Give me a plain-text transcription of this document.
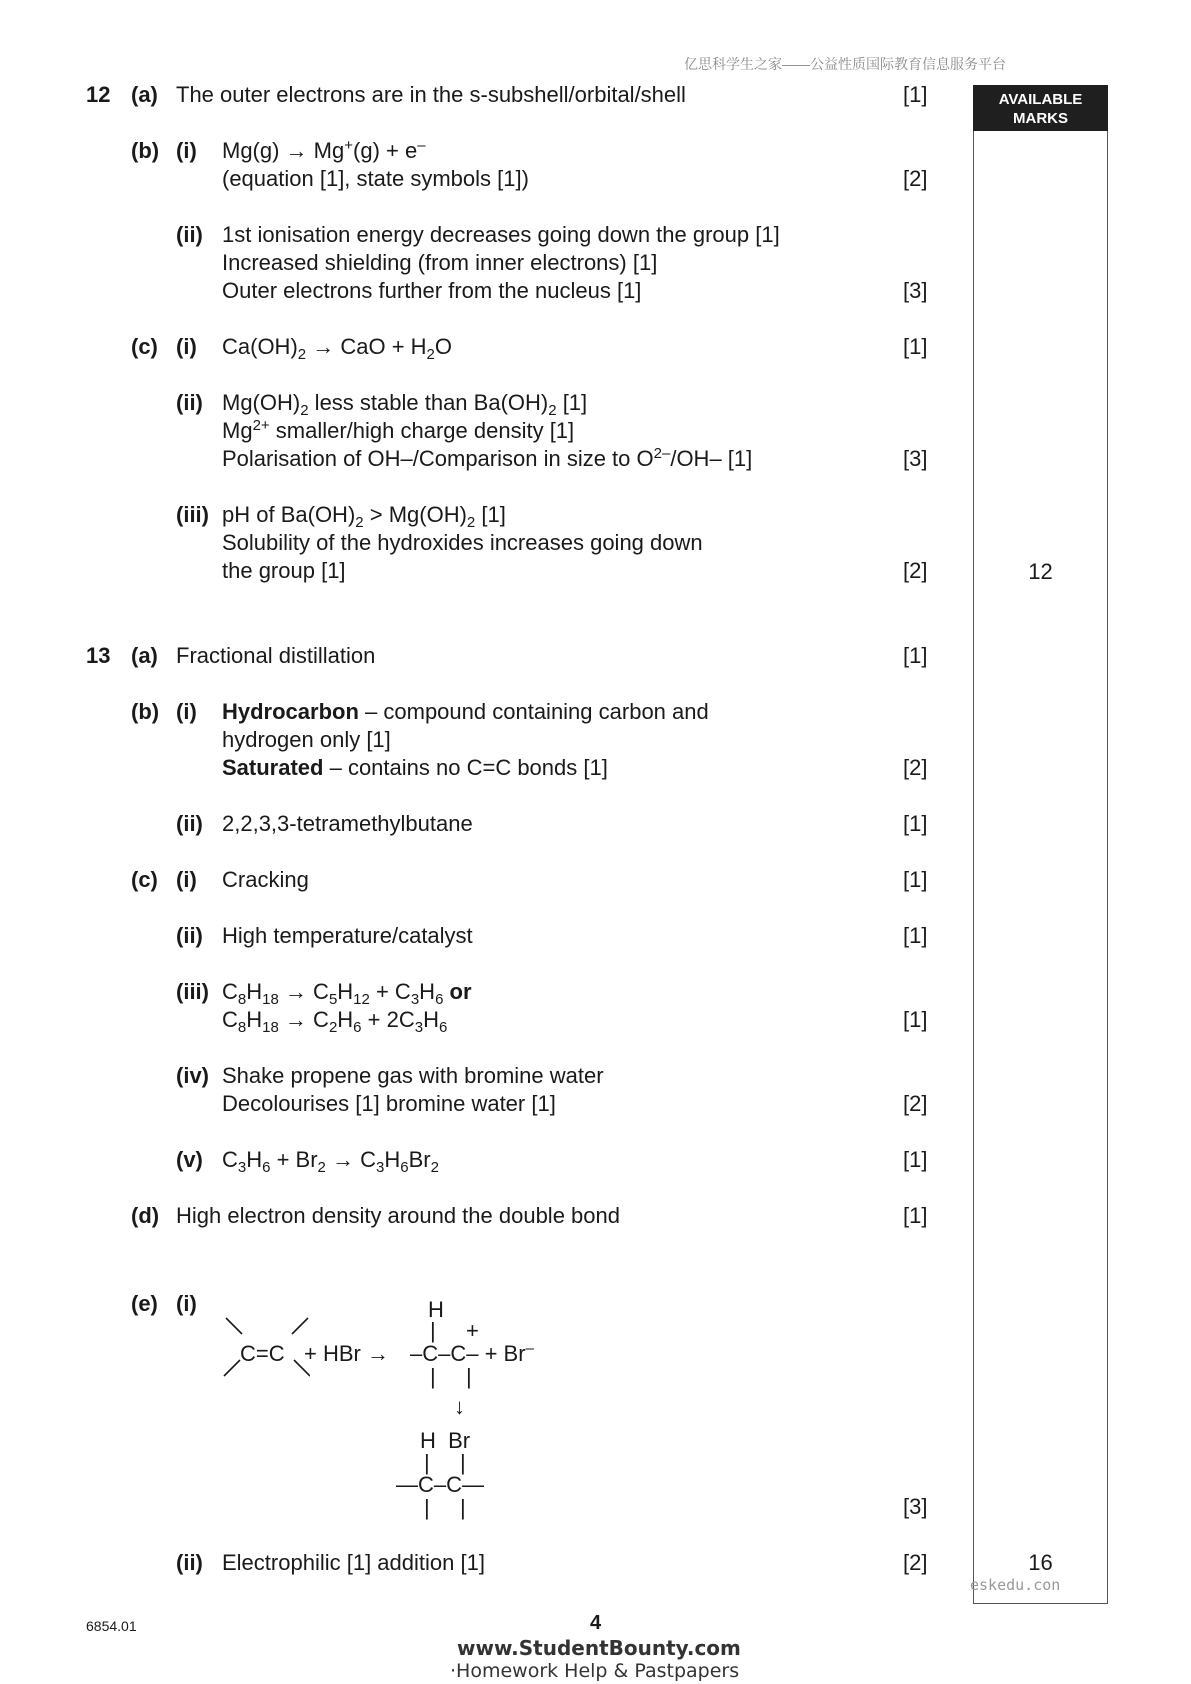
亿思科学生之家——公益性质国际教育信息服务平台
AVAILABLE
MARKS
12
16
12 (a) The outer electrons are in the s-subshell/orbital/shell	[1]
(b) (i) Mg(g) → Mg+(g) + e–
(equation [1], state symbols [1])	[2]
(ii) 1st ionisation energy decreases going down the group [1]
Increased shielding (from inner electrons) [1]
Outer electrons further from the nucleus [1]	[3]
(c) (i) $Ca(OH)_2$ → CaO + $H_2O$	[1]
(ii) $Mg(OH)_2$ less stable than $Ba(OH)_2$ [1]
$Mg^{2+}$ smaller/high charge density [1]
Polarisation of OH–/Comparison in size to $O^{2-}/OH-$ [1]	[3]
(iii) pH of $Ba(OH)_2 > Mg(OH)_2$ [1]
Solubility of the hydroxides increases going down
the group [1]	[2]
13 (a) Fractional distillation	[1]
(b) (i) Hydrocarbon – compound containing carbon and
hydrogen only [1]
Saturated – contains no C=C bonds [1]	[2]
(ii) 2,2,3,3-tetramethylbutane	[1]
(c) (i) Cracking	[1]
(ii) High temperature/catalyst	[1]
(iii) $C_8H_{18} \to C_5H_{12} + C_3H_6$ or
$C_8H_{18} \to C_2H_6 + 2C_3H_6$	[1]
(iv) Shake propene gas with bromine water
Decolourises [1] bromine water [1]	[2]
(v) $C_3H_6 + Br_2 \to C_3H_6Br_2$	[1]
(d) High electron density around the double bond	[1]
(e) (i)
C=C + HBr →
H
| +
–C–C– + Br–
| |
↓
H  Br
| |
—C–C—
| |	[3]
(ii) Electrophilic [1] addition [1]	[2]
eskedu.con
6854.01	4
www.StudentBounty.com
·Homework Help & Pastpapers
